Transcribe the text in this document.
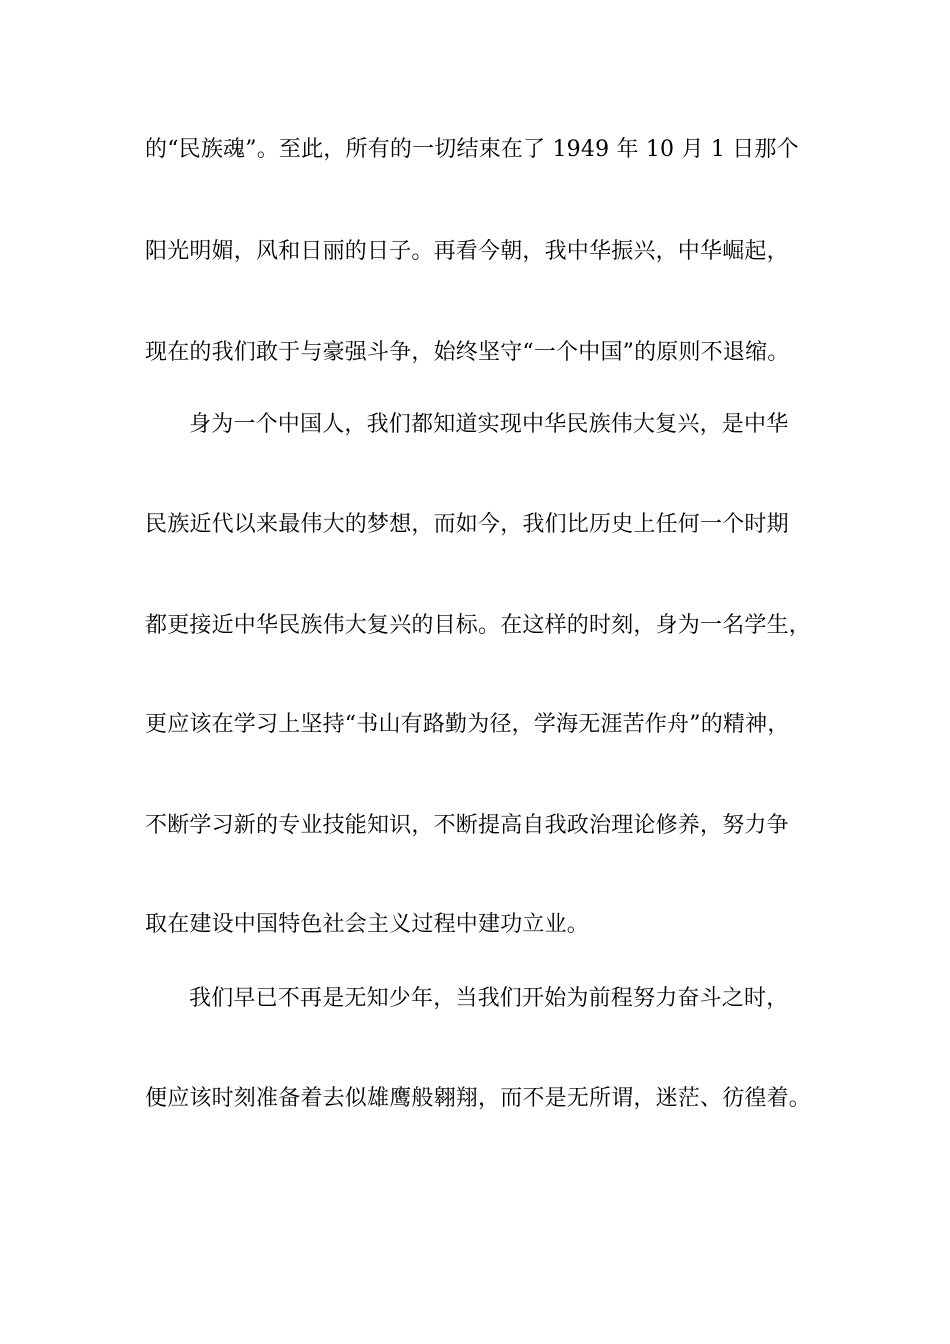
的“民族魂”。至此，所有的一切结束在了 1949 年 10 月 1 日那个
阳光明媚，风和日丽的日子。再看今朝，我中华振兴，中华崛起，
现在的我们敢于与豪强斗争，始终坚守“一个中国”的原则不退缩。
身为一个中国人，我们都知道实现中华民族伟大复兴，是中华
民族近代以来最伟大的梦想，而如今，我们比历史上任何一个时期
都更接近中华民族伟大复兴的目标。在这样的时刻，身为一名学生，
更应该在学习上坚持“书山有路勤为径，学海无涯苦作舟”的精神，
不断学习新的专业技能知识，不断提高自我政治理论修养，努力争
取在建设中国特色社会主义过程中建功立业。
我们早已不再是无知少年，当我们开始为前程努力奋斗之时，
便应该时刻准备着去似雄鹰般翱翔，而不是无所谓，迷茫、彷徨着。
